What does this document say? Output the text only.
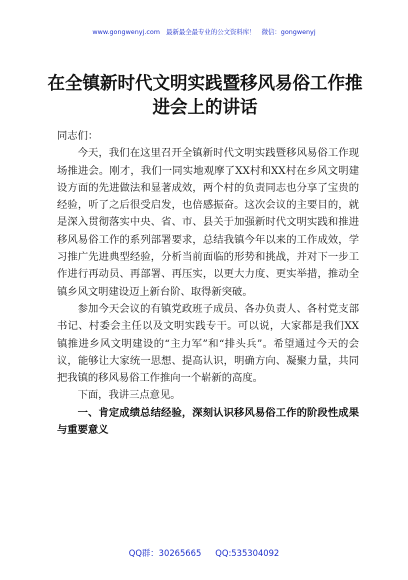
www.gongwenyj.com 最新最全最专业的公文资料库！ 微信：gongwenyj
在全镇新时代文明实践暨移风易俗工作推进会上的讲话

同志们：

今天，我们在这里召开全镇新时代文明实践暨移风易俗工作现场推进会。刚才，我们一同实地观摩了XX村和XX村在乡风文明建设方面的先进做法和显著成效，两个村的负责同志也分享了宝贵的经验，听了之后很受启发，也倍感振奋。这次会议的主要目的，就是深入贯彻落实中央、省、市、县关于加强新时代文明实践和推进移风易俗工作的系列部署要求，总结我镇今年以来的工作成效，学习推广先进典型经验，分析当前面临的形势和挑战，并对下一步工作进行再动员、再部署、再压实，以更大力度、更实举措，推动全镇乡风文明建设迈上新台阶、取得新突破。

参加今天会议的有镇党政班子成员、各办负责人、各村党支部书记、村委会主任以及文明实践专干。可以说，大家都是我们XX镇推进乡风文明建设的“主力军”和“排头兵”。希望通过今天的会议，能够让大家统一思想、提高认识，明确方向、凝聚力量，共同把我镇的移风易俗工作推向一个崭新的高度。

下面，我讲三点意见。

一、肯定成绩总结经验，深刻认识移风易俗工作的阶段性成果与重要意义

QQ群：30265665 QQ:535304092
